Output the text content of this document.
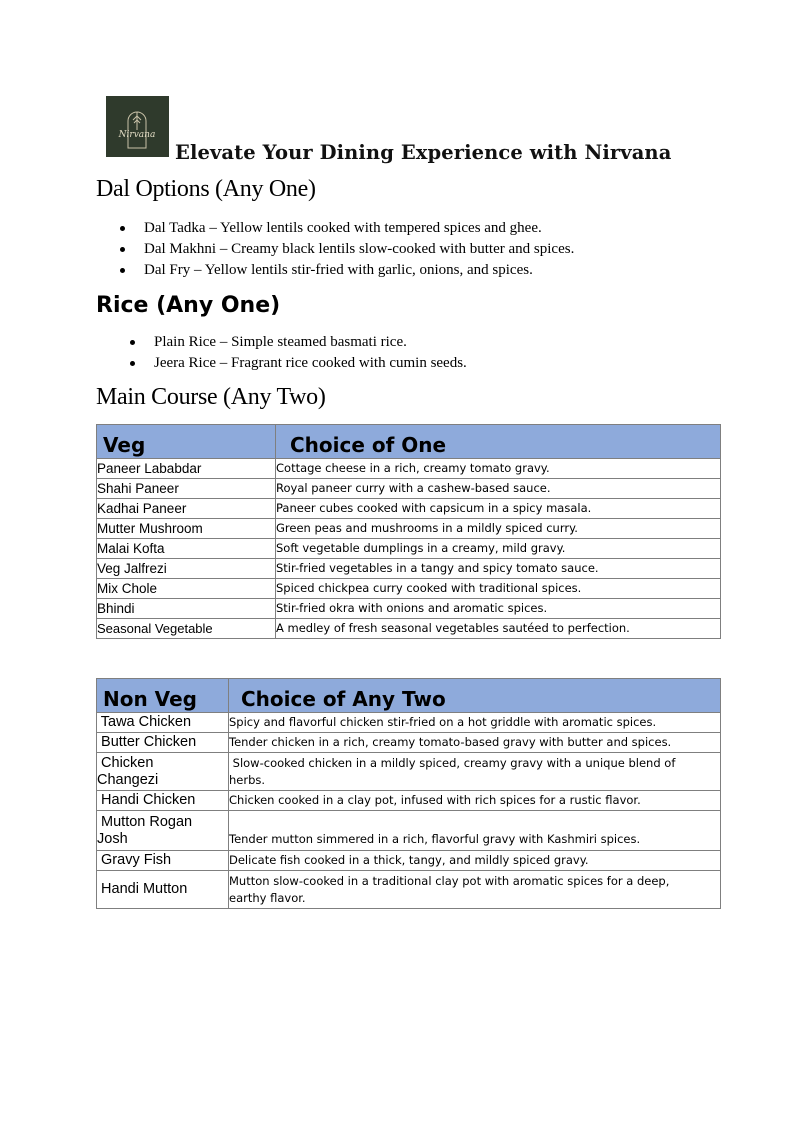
Nirvana
Elevate Your Dining Experience with Nirvana
Dal Options (Any One)
Dal Tadka – Yellow lentils cooked with tempered spices and ghee.
Dal Makhni – Creamy black lentils slow-cooked with butter and spices.
Dal Fry – Yellow lentils stir-fried with garlic, onions, and spices.
Rice (Any One)
Plain Rice – Simple steamed basmati rice.
Jeera Rice – Fragrant rice cooked with cumin seeds.
Main Course (Any Two)
Veg	Choice of One

Paneer Lababdar	Cottage cheese in a rich, creamy tomato gravy.
Shahi Paneer	Royal paneer curry with a cashew-based sauce.
Kadhai Paneer	Paneer cubes cooked with capsicum in a spicy masala.
Mutter Mushroom	Green peas and mushrooms in a mildly spiced curry.
Malai Kofta	Soft vegetable dumplings in a creamy, mild gravy.
Veg Jalfrezi	Stir-fried vegetables in a tangy and spicy tomato sauce.
Mix Chole	Spiced chickpea curry cooked with traditional spices.
Bhindi	Stir-fried okra with onions and aromatic spices.
Seasonal Vegetable	A medley of fresh seasonal vegetables sautéed to perfection.
Non Veg	Choice of Any Two

Tawa Chicken	Spicy and flavorful chicken stir-fried on a hot griddle with aromatic spices.
Butter Chicken	Tender chicken in a rich, creamy tomato-based gravy with butter and spices.
Chicken Changezi	Slow-cooked chicken in a mildly spiced, creamy gravy with a unique blend of herbs.
Handi Chicken	Chicken cooked in a clay pot, infused with rich spices for a rustic flavor.
Mutton Rogan Josh	Tender mutton simmered in a rich, flavorful gravy with Kashmiri spices.
Gravy Fish	Delicate fish cooked in a thick, tangy, and mildly spiced gravy.
Handi Mutton	Mutton slow-cooked in a traditional clay pot with aromatic spices for a deep, earthy flavor.
